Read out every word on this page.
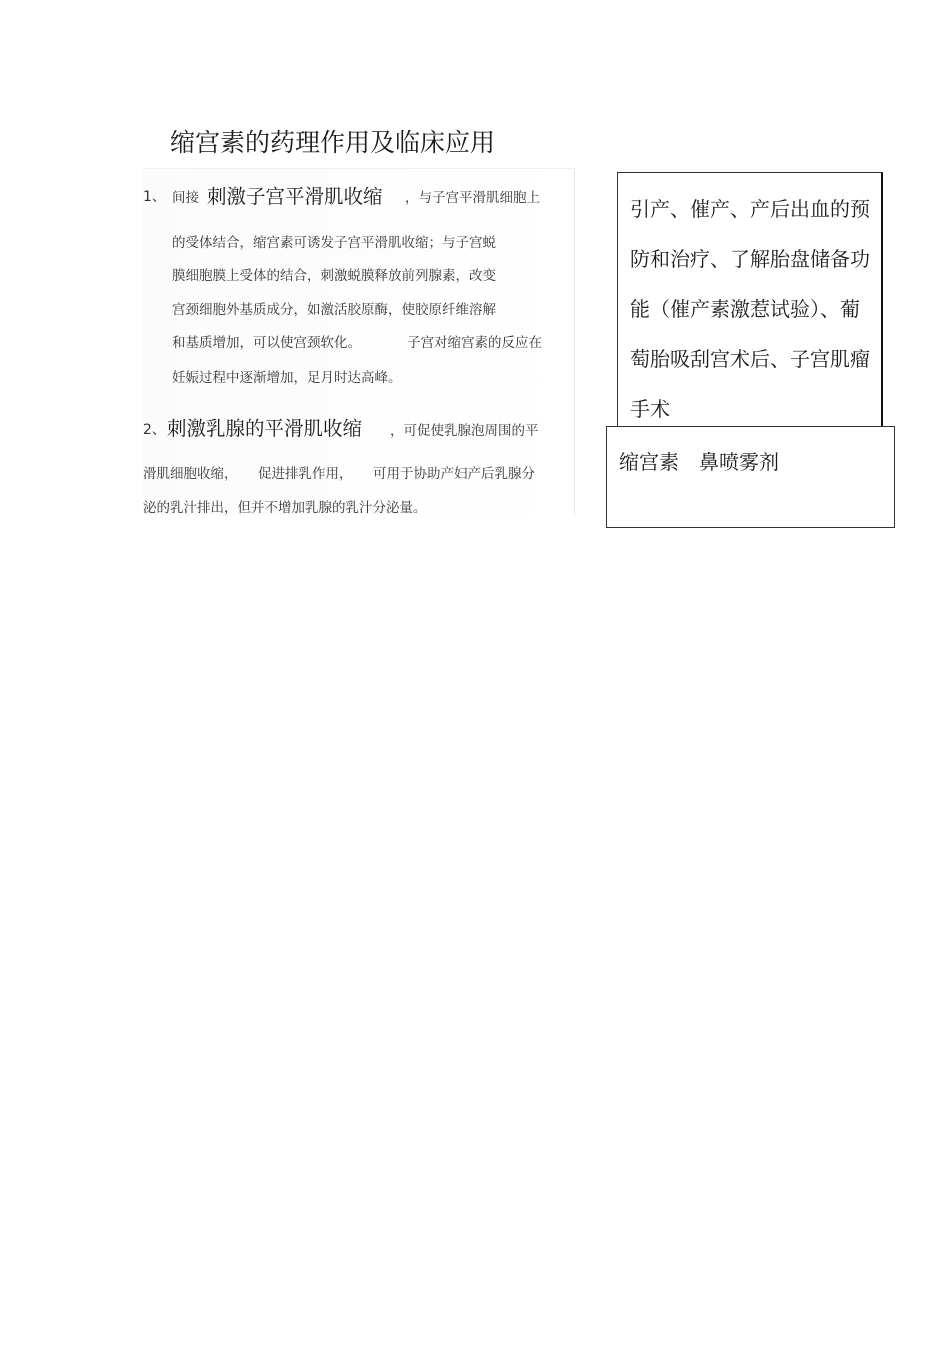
缩宫素的药理作用及临床应用
1、 间接 刺激子宫平滑肌收缩 ，与子宫平滑肌细胞上
的受体结合，缩宫素可诱发子宫平滑肌收缩；与子宫蜕
膜细胞膜上受体的结合，刺激蜕膜释放前列腺素，改变
宫颈细胞外基质成分，如激活胶原酶，使胶原纤维溶解
和基质增加，可以使宫颈软化。	子宫对缩宫素的反应在
妊娠过程中逐渐增加，足月时达高峰。
2、 刺激乳腺的平滑肌收缩 ，可促使乳腺泡周围的平
滑肌细胞收缩， 促进排乳作用， 可用于协助产妇产后乳腺分
泌的乳汁排出，但并不增加乳腺的乳汁分泌量。
引产、催产、产后出血的预防和治疗、了解胎盘储备功能（催产素激惹试验）、葡萄胎吸刮宫术后、子宫肌瘤手术
缩宫素　鼻喷雾剂
